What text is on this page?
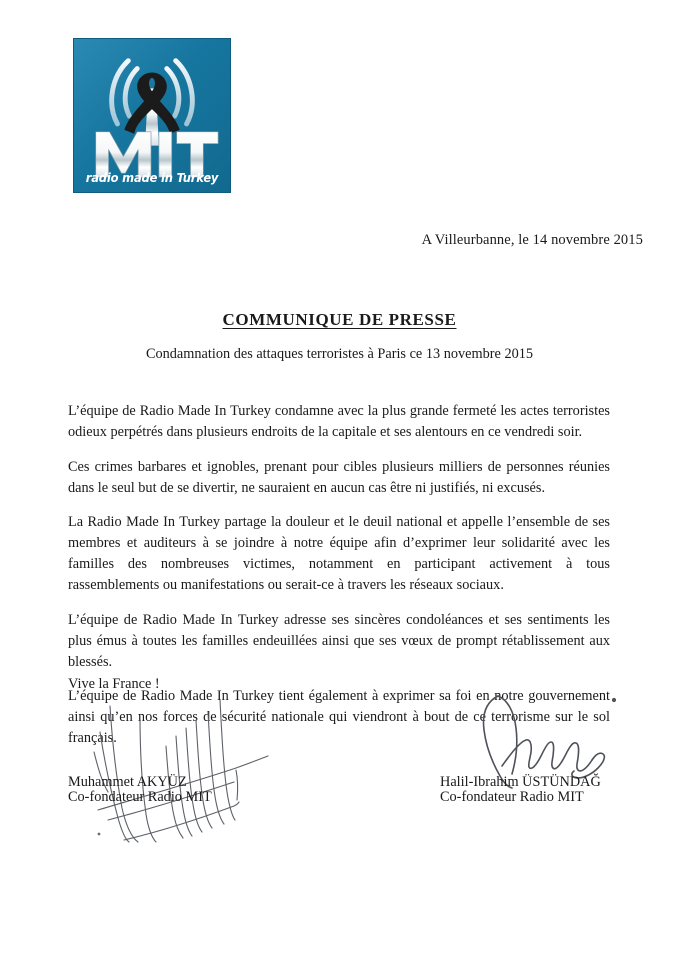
radio made in Turkey
A Villeurbanne, le 14 novembre 2015
COMMUNIQUE DE PRESSE
Condamnation des attaques terroristes à Paris ce 13 novembre 2015

L’équipe de Radio Made In Turkey condamne avec la plus grande fermeté les actes terroristes odieux perpétrés dans plusieurs endroits de la capitale et ses alentours en ce vendredi soir.

Ces crimes barbares et ignobles, prenant pour cibles plusieurs milliers de personnes réunies dans le seul but de se divertir, ne sauraient en aucun cas être ni justifiés, ni excusés.

La Radio Made In Turkey partage la douleur et le deuil national et appelle l’ensemble de ses membres et auditeurs à se joindre à notre équipe afin d’exprimer leur solidarité avec les familles des nombreuses victimes, notamment en participant activement à tous rassemblements ou manifestations ou serait-ce à travers les réseaux sociaux.

L’équipe de Radio Made In Turkey adresse ses sincères condoléances et ses sentiments les plus émus à toutes les familles endeuillées ainsi que ses vœux de prompt rétablissement aux blessés.

L’équipe de Radio Made In Turkey tient également à exprimer sa foi en notre gouvernement ainsi qu’en nos forces de sécurité nationale qui viendront à bout de ce terrorisme sur le sol français.

Vive la France !
Muhammet AKYÜZ
Co-fondateur Radio MIT
Halil-Ibrahim ÜSTÜNDAĞ
Co-fondateur Radio MIT
